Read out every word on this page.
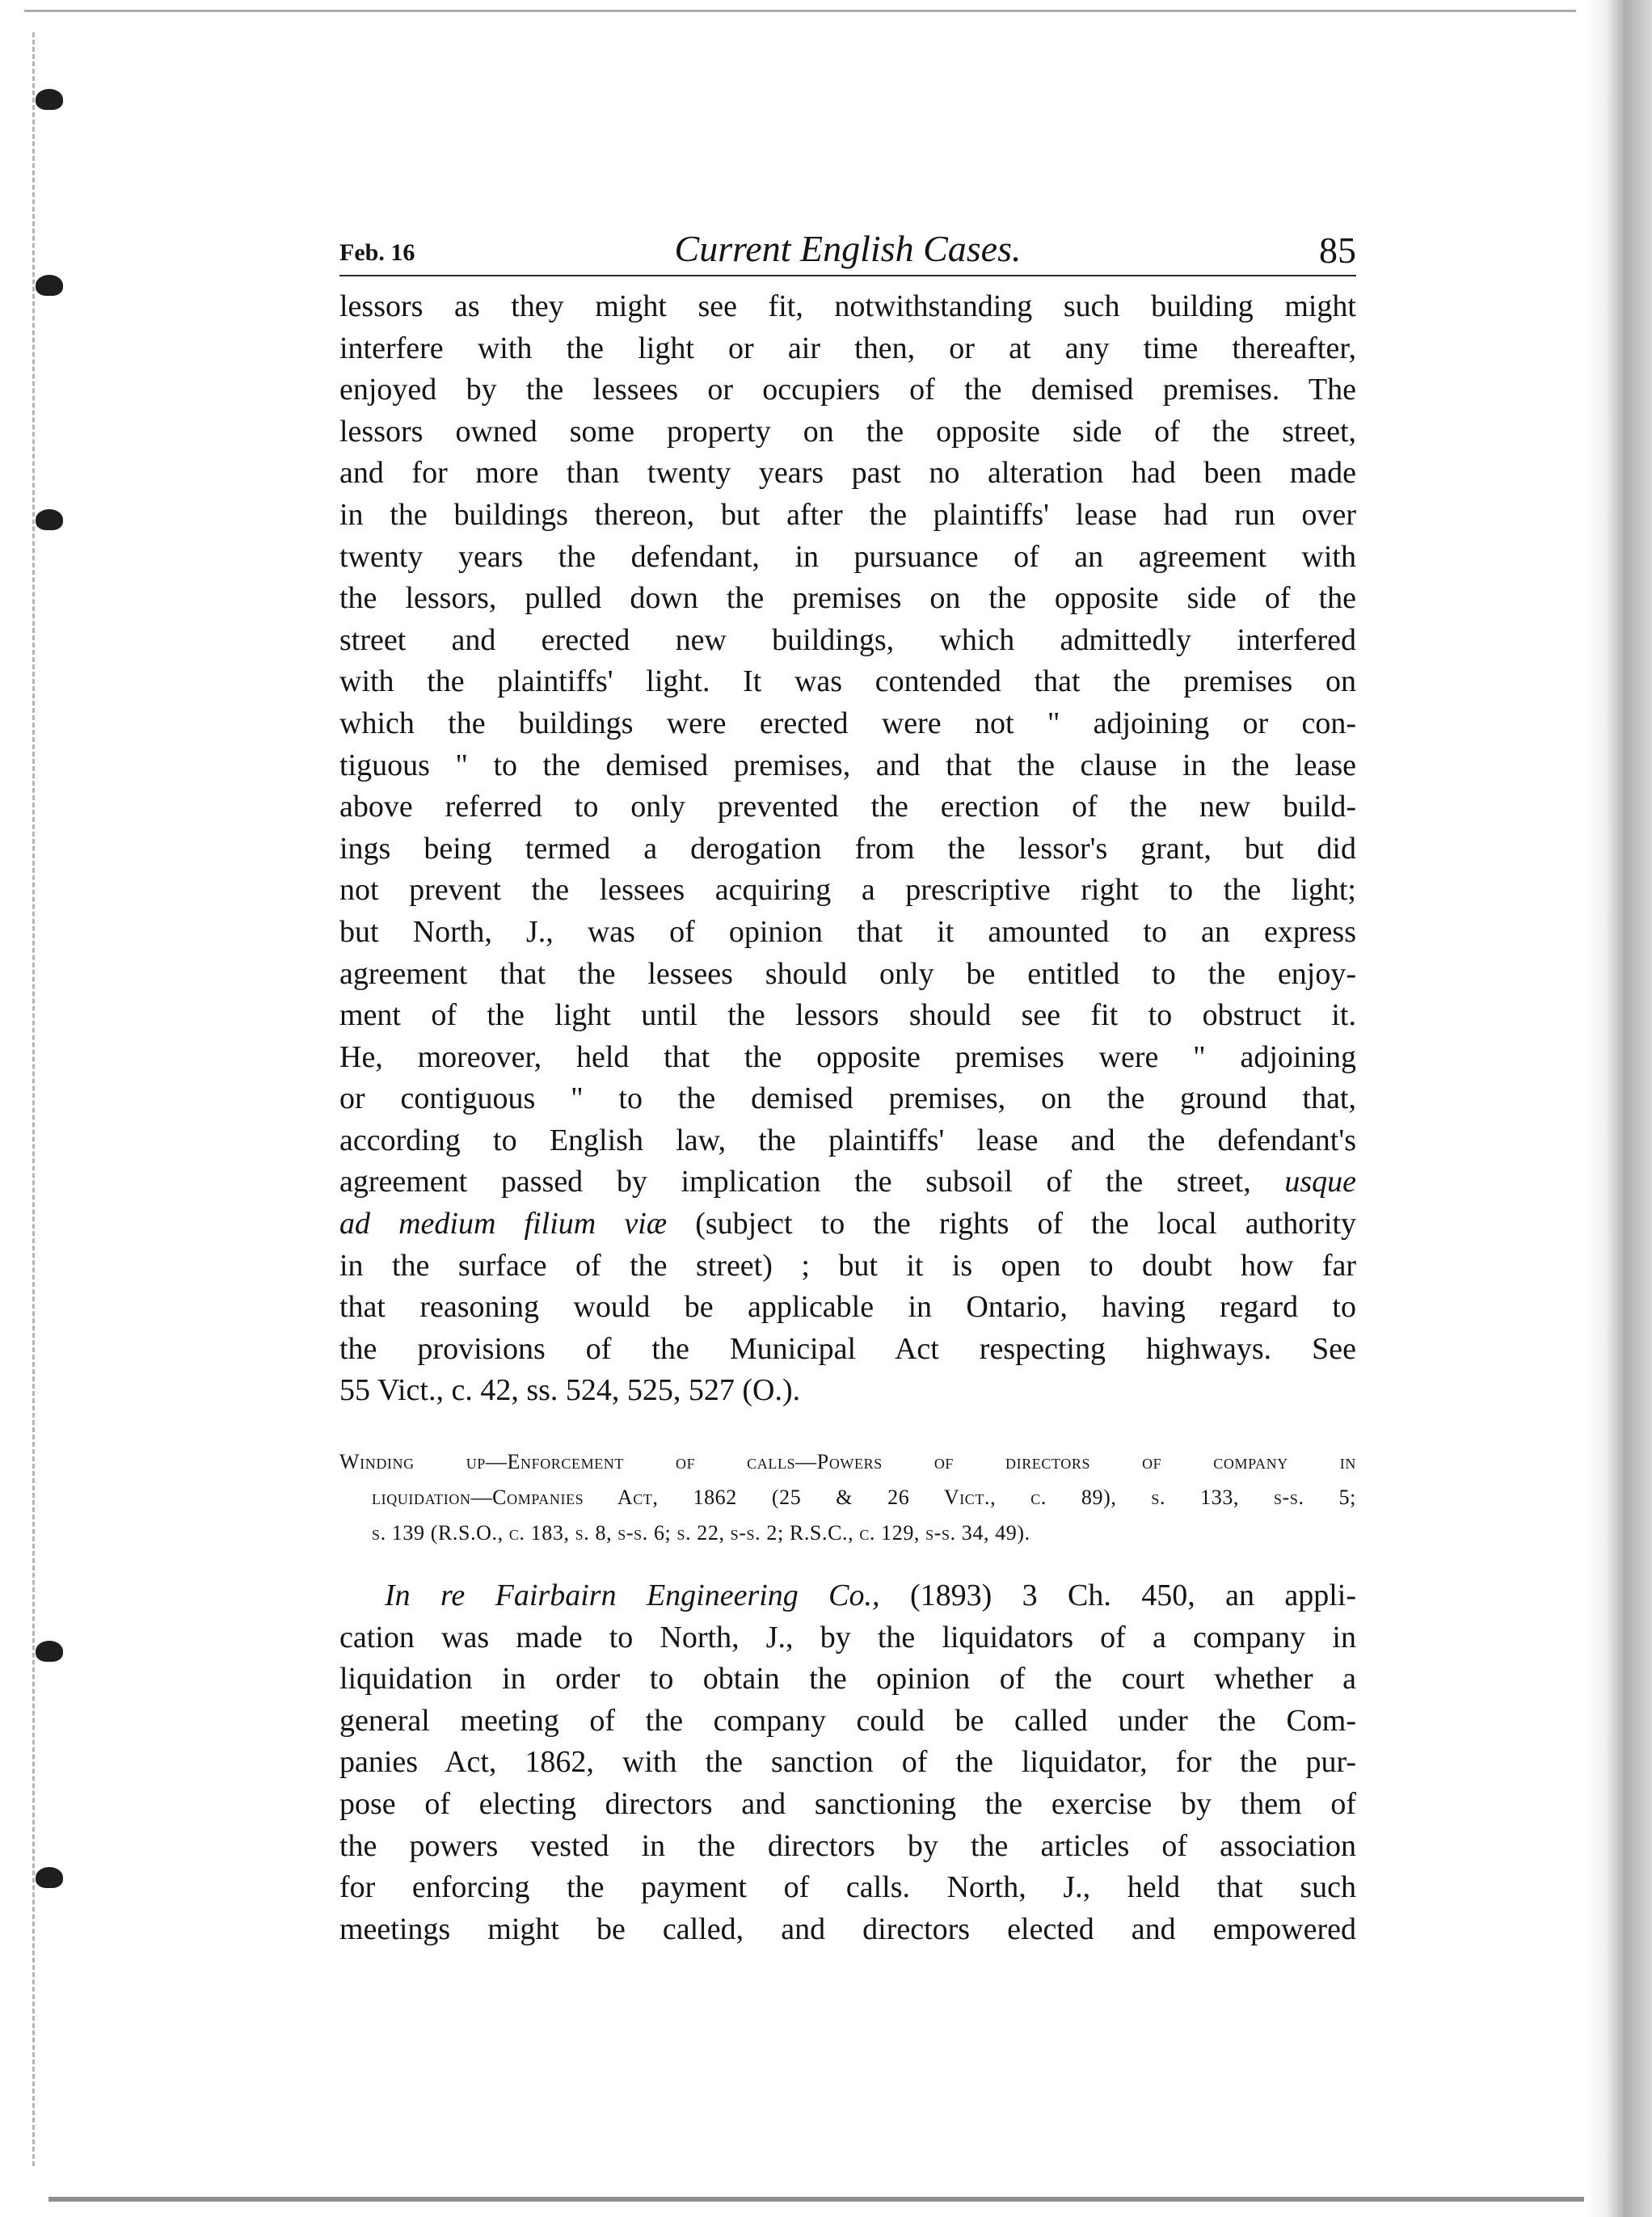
Feb. 16	Current English Cases.	85
lessors as they might see fit, notwithstanding such building might
interfere with the light or air then, or at any time thereafter,
enjoyed by the lessees or occupiers of the demised premises. The
lessors owned some property on the opposite side of the street,
and for more than twenty years past no alteration had been made
in the buildings thereon, but after the plaintiffs' lease had run over
twenty years the defendant, in pursuance of an agreement with
the lessors, pulled down the premises on the opposite side of the
street and erected new buildings, which admittedly interfered
with the plaintiffs' light. It was contended that the premises on
which the buildings were erected were not " adjoining or con-
tiguous " to the demised premises, and that the clause in the lease
above referred to only prevented the erection of the new build-
ings being termed a derogation from the lessor's grant, but did
not prevent the lessees acquiring a prescriptive right to the light;
but North, J., was of opinion that it amounted to an express
agreement that the lessees should only be entitled to the enjoy-
ment of the light until the lessors should see fit to obstruct it.
He, moreover, held that the opposite premises were " adjoining
or contiguous " to the demised premises, on the ground that,
according to English law, the plaintiffs' lease and the defendant's
agreement passed by implication the subsoil of the street, usque
ad medium filium viæ (subject to the rights of the local authority
in the surface of the street) ; but it is open to doubt how far
that reasoning would be applicable in Ontario, having regard to
the provisions of the Municipal Act respecting highways. See
55 Vict., c. 42, ss. 524, 525, 527 (O.).
Winding up—Enforcement of calls—Powers of directors of company in
liquidation—Companies Act, 1862 (25 & 26 Vict., c. 89), s. 133, s-s. 5;
s. 139 (R.S.O., c. 183, s. 8, s-s. 6; s. 22, s-s. 2; R.S.C., c. 129, s-s. 34, 49).
In re Fairbairn Engineering Co., (1893) 3 Ch. 450, an appli-
cation was made to North, J., by the liquidators of a company in
liquidation in order to obtain the opinion of the court whether a
general meeting of the company could be called under the Com-
panies Act, 1862, with the sanction of the liquidator, for the pur-
pose of electing directors and sanctioning the exercise by them of
the powers vested in the directors by the articles of association
for enforcing the payment of calls. North, J., held that such
meetings might be called, and directors elected and empowered
